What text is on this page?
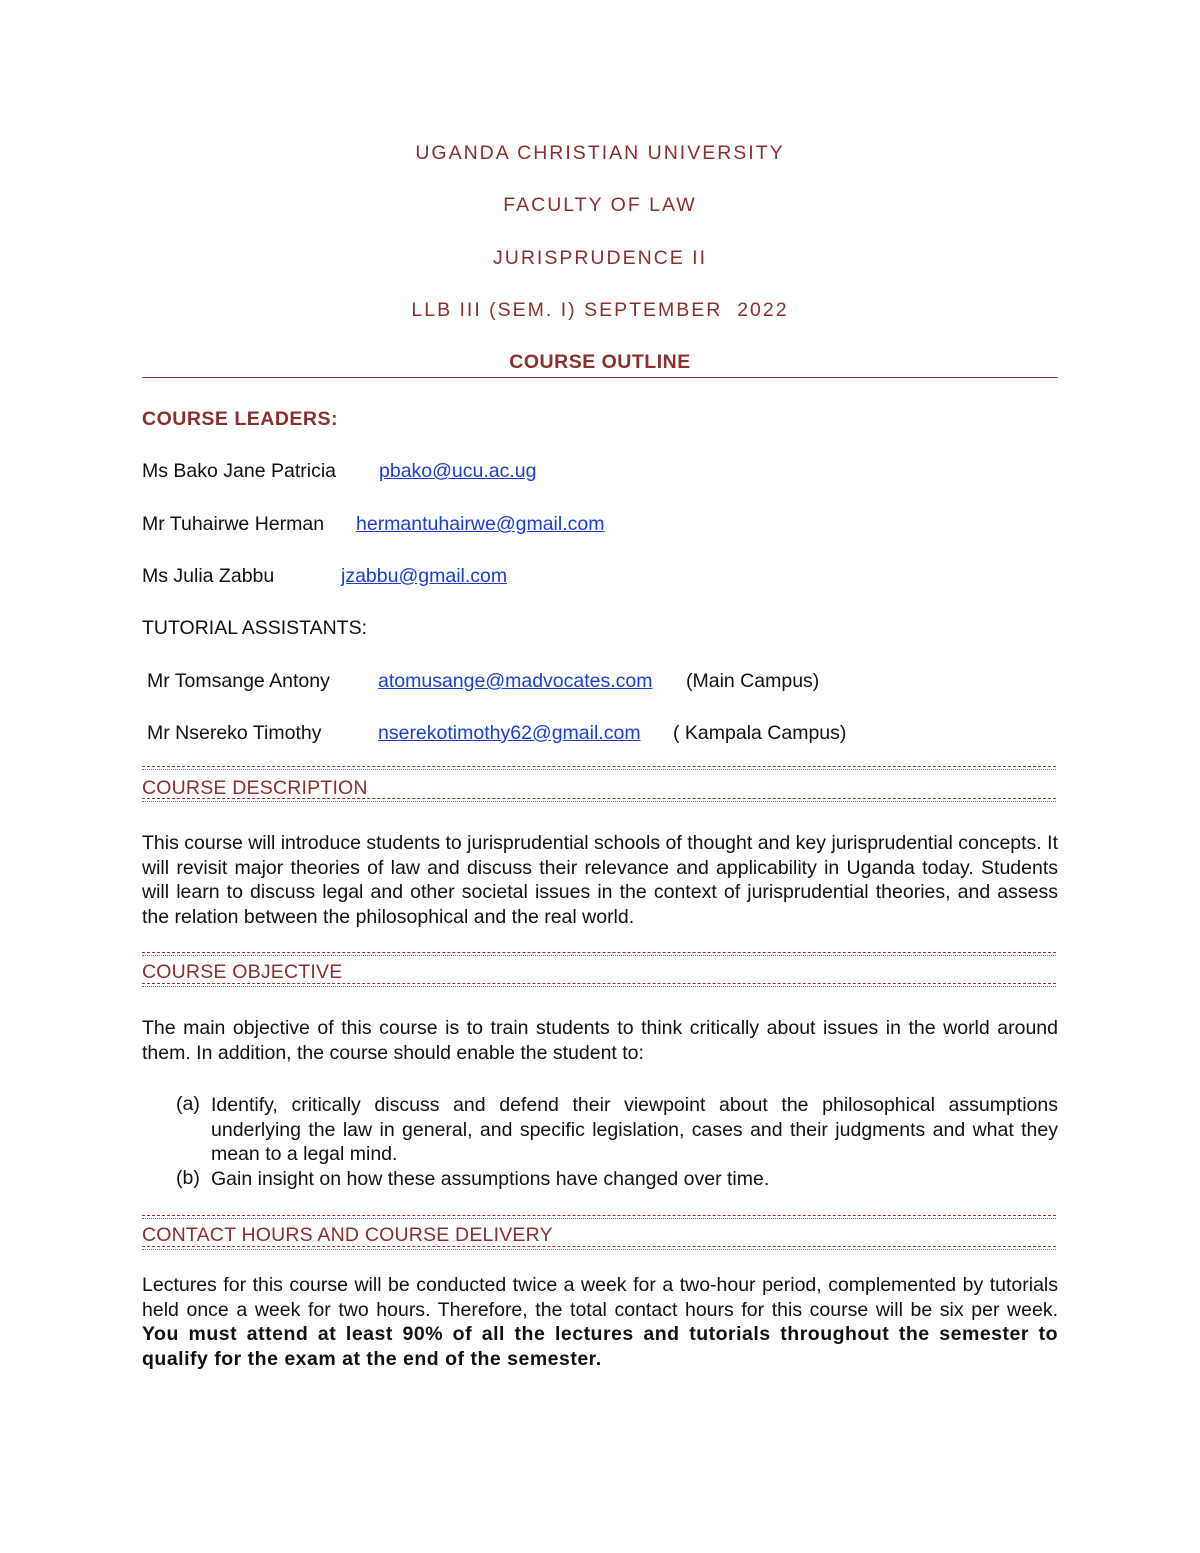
UGANDA CHRISTIAN UNIVERSITY
FACULTY OF LAW
JURISPRUDENCE II
LLB III (SEM. I) SEPTEMBER  2022
COURSE OUTLINE
COURSE LEADERS:
Ms Bako Jane Patricia pbako@ucu.ac.ug
Mr Tuhairwe Herman hermantuhairwe@gmail.com
Ms Julia Zabbu	jzabbu@gmail.com
TUTORIAL ASSISTANTS:
Mr Tomsange Antony atomusange@madvocates.com (Main Campus)
Mr Nsereko Timothy	nserekotimothy62@gmail.com ( Kampala Campus)
COURSE DESCRIPTION
This course will introduce students to jurisprudential schools of thought and key jurisprudential concepts. It will revisit major theories of law and discuss their relevance and applicability in Uganda today. Students will learn to discuss legal and other societal issues in the context of jurisprudential theories, and assess the relation between the philosophical and the real world.
COURSE OBJECTIVE
The main objective of this course is to train students to think critically about issues in the world around them. In addition, the course should enable the student to:
(a) Identify, critically discuss and defend their viewpoint about the philosophical assumptions underlying the law in general, and specific legislation, cases and their judgments and what they mean to a legal mind.
(b) Gain insight on how these assumptions have changed over time.
CONTACT HOURS AND COURSE DELIVERY
Lectures for this course will be conducted twice a week for a two-hour period, complemented by tutorials held once a week for two hours. Therefore, the total contact hours for this course will be six per week. You must attend at least 90% of all the lectures and tutorials throughout the semester to qualify for the exam at the end of the semester.
